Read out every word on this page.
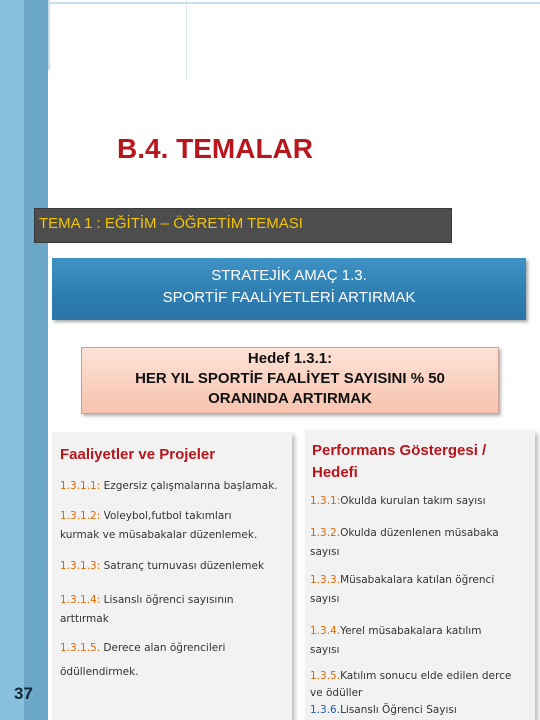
B.4. TEMALAR
TEMA 1 : EĞİTİM – ÖĞRETİM TEMASI
STRATEJİK AMAÇ 1.3.
SPORTİF FAALİYETLERİ ARTIRMAK
Hedef 1.3.1:
HER YIL SPORTİF FAALİYET SAYISINI % 50
ORANINDA ARTIRMAK
Faaliyetler ve Projeler
1.3.1.1: Ezgersiz çalışmalarına başlamak.
1.3.1.2: Voleybol,futbol takımları
kurmak ve müsabakalar düzenlemek.
1.3.1.3: Satranç turnuvası düzenlemek
1.3.1.4: Lisanslı öğrenci sayısının
arttırmak
1.3.1.5. Derece alan öğrencileri
ödüllendirmek.
Performans Göstergesi / Hedefi
1.3.1:Okulda kurulan takım sayısı
1.3.2.Okulda düzenlenen müsabaka
sayısı
1.3.3.Müsabakalara katılan öğrenci
sayısı
1.3.4.Yerel müsabakalara katılım
sayısı
1.3.5.Katılım sonucu elde edilen derce
ve ödüller
1.3.6.Lisanslı Öğrenci Sayısı
37
